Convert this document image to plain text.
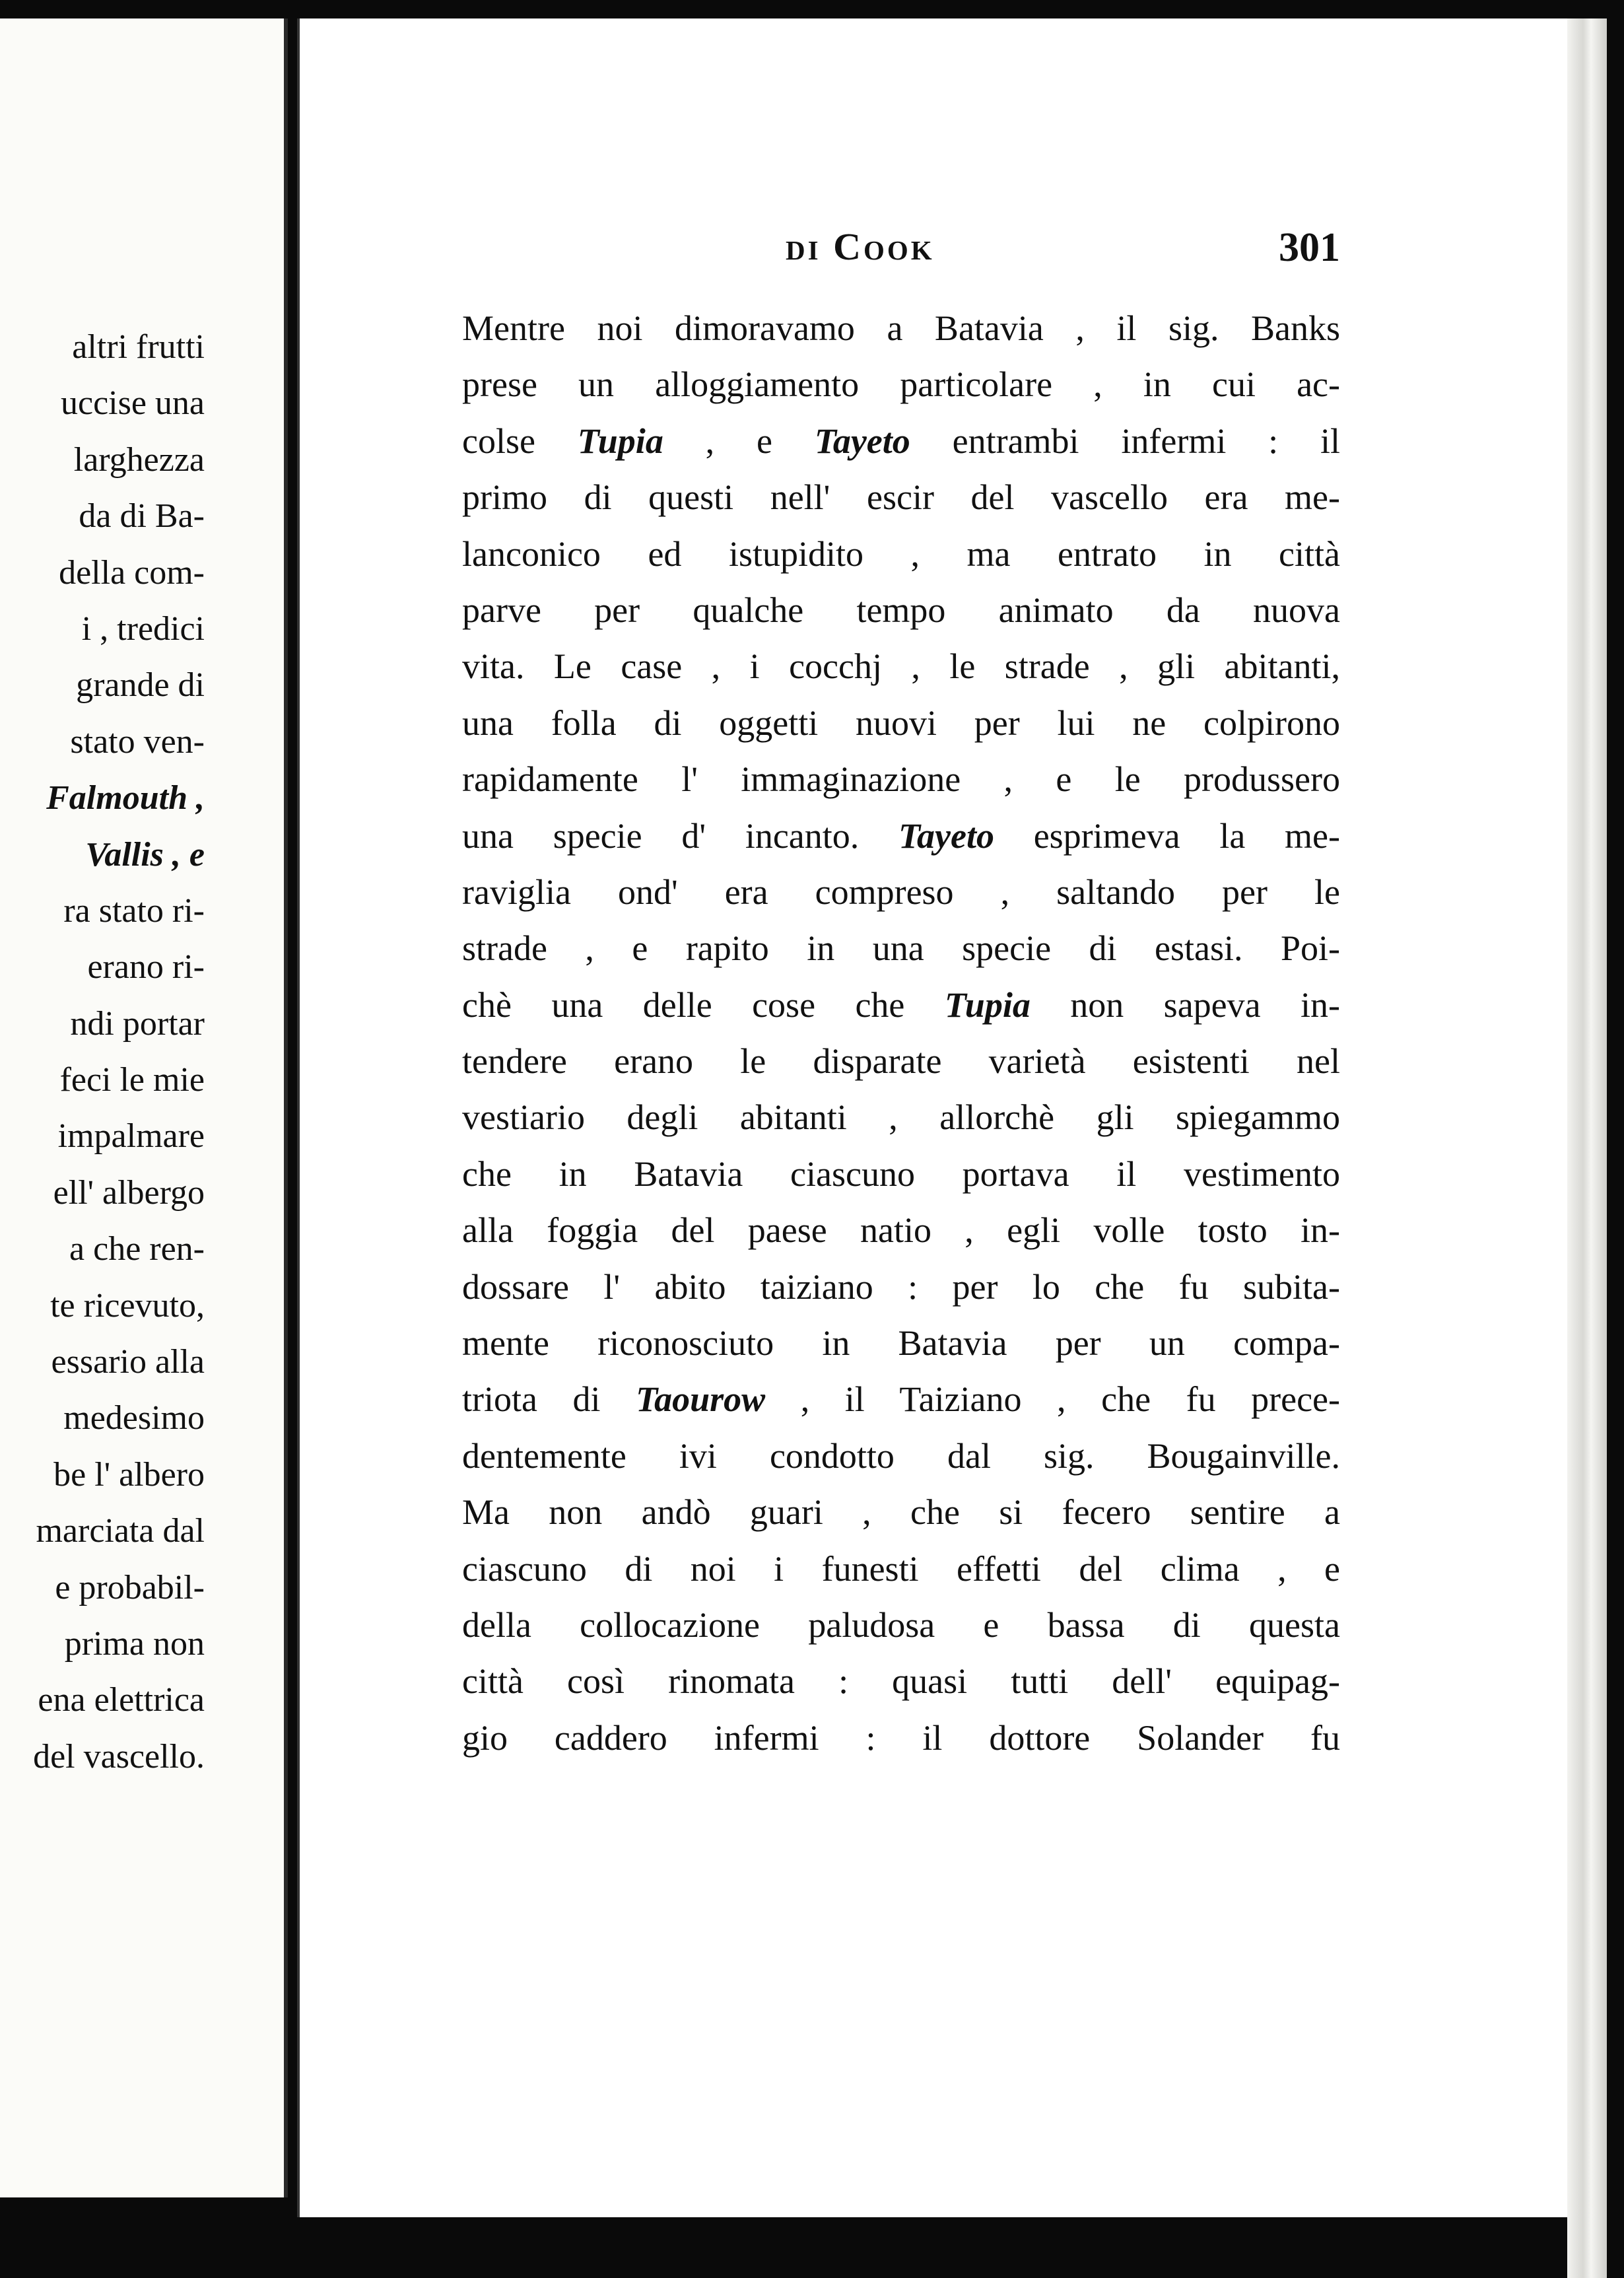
altri frutti
uccise una
larghezza
da di Ba-
della com-
i , tredici
grande di
stato ven-
Falmouth ,
Vallis , e
ra stato ri-
erano ri-
ndi portar
feci le mie
impalmare
ell' albergo
a che ren-
te ricevuto,
essario alla
medesimo
be l' albero
marciata dal
e probabil-
prima non
ena elettrica
del vascello.
di Cook	301
Mentre noi dimoravamo a Batavia , il sig. Banks
prese un alloggiamento particolare , in cui ac-
colse Tupia , e Tayeto entrambi infermi : il
primo di questi nell' escir del vascello era me-
lanconico ed istupidito , ma entrato in città
parve per qualche tempo animato da nuova
vita. Le case , i cocchj , le strade , gli abitanti,
una folla di oggetti nuovi per lui ne colpirono
rapidamente l' immaginazione , e le produssero
una specie d' incanto. Tayeto esprimeva la me-
raviglia ond' era compreso , saltando per le
strade , e rapito in una specie di estasi. Poi-
chè una delle cose che Tupia non sapeva in-
tendere erano le disparate varietà esistenti nel
vestiario degli abitanti , allorchè gli spiegammo
che in Batavia ciascuno portava il vestimento
alla foggia del paese natio , egli volle tosto in-
dossare l' abito taiziano : per lo che fu subita-
mente riconosciuto in Batavia per un compa-
triota di Taourow , il Taiziano , che fu prece-
dentemente ivi condotto dal sig. Bougainville.
Ma non andò guari , che si fecero sentire a
ciascuno di noi i funesti effetti del clima , e
della collocazione paludosa e bassa di questa
città così rinomata : quasi tutti dell' equipag-
gio caddero infermi : il dottore Solander fu
